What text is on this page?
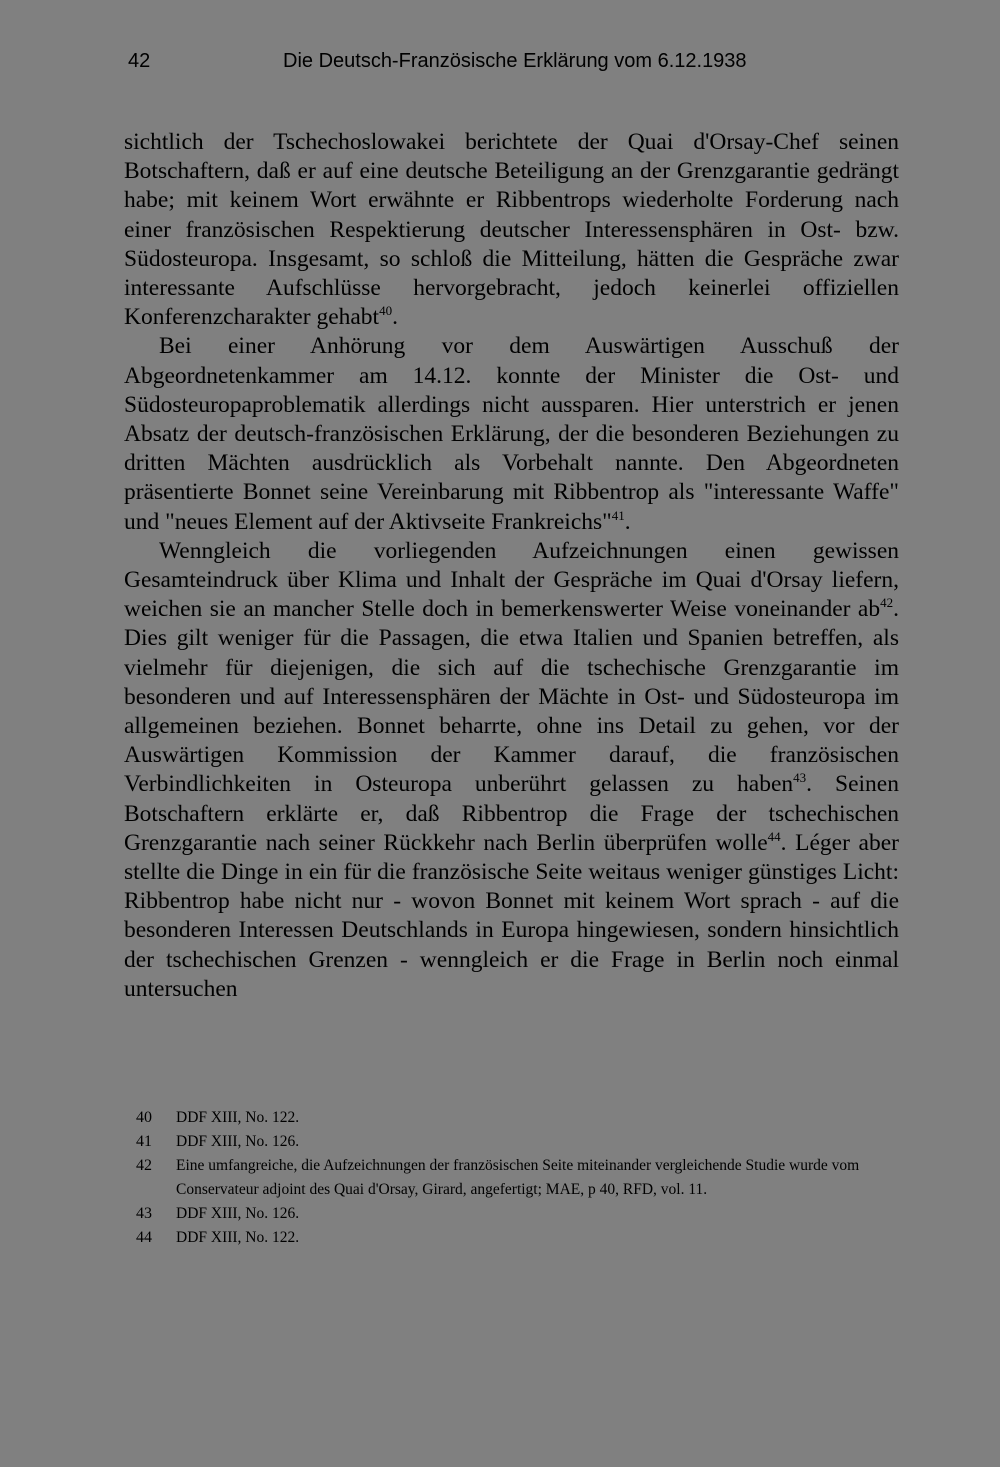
42	Die Deutsch-Französische Erklärung vom 6.12.1938

sichtlich der Tschechoslowakei berichtete der Quai d'Orsay-Chef seinen Botschaftern, daß er auf eine deutsche Beteiligung an der Grenzgarantie gedrängt habe; mit keinem Wort erwähnte er Ribbentrops wiederholte Forderung nach einer französischen Respektierung deutscher Interessensphären in Ost- bzw. Südosteuropa. Insgesamt, so schloß die Mitteilung, hätten die Gespräche zwar interessante Aufschlüsse hervorgebracht, jedoch keinerlei offiziellen Konferenzcharakter gehabt$^{40}$.

Bei einer Anhörung vor dem Auswärtigen Ausschuß der Abgeordnetenkammer am 14.12. konnte der Minister die Ost- und Südosteuropaproblematik allerdings nicht aussparen. Hier unterstrich er jenen Absatz der deutsch-französischen Erklärung, der die besonderen Beziehungen zu dritten Mächten ausdrücklich als Vorbehalt nannte. Den Abgeordneten präsentierte Bonnet seine Vereinbarung mit Ribbentrop als "interessante Waffe" und "neues Element auf der Aktivseite Frankreichs"$^{41}$.

Wenngleich die vorliegenden Aufzeichnungen einen gewissen Gesamteindruck über Klima und Inhalt der Gespräche im Quai d'Orsay liefern, weichen sie an mancher Stelle doch in bemerkenswerter Weise voneinander ab$^{42}$. Dies gilt weniger für die Passagen, die etwa Italien und Spanien betreffen, als vielmehr für diejenigen, die sich auf die tschechische Grenzgarantie im besonderen und auf Interessensphären der Mächte in Ost- und Südosteuropa im allgemeinen beziehen. Bonnet beharrte, ohne ins Detail zu gehen, vor der Auswärtigen Kommission der Kammer darauf, die französischen Verbindlichkeiten in Osteuropa unberührt gelassen zu haben$^{43}$. Seinen Botschaftern erklärte er, daß Ribbentrop die Frage der tschechischen Grenzgarantie nach seiner Rückkehr nach Berlin überprüfen wolle$^{44}$. Léger aber stellte die Dinge in ein für die französische Seite weitaus weniger günstiges Licht: Ribbentrop habe nicht nur - wovon Bonnet mit keinem Wort sprach - auf die besonderen Interessen Deutschlands in Europa hingewiesen, sondern hinsichtlich der tschechischen Grenzen - wenngleich er die Frage in Berlin noch einmal untersuchen

40	DDF XIII, No. 122.
41	DDF XIII, No. 126.
42	Eine umfangreiche, die Aufzeichnungen der französischen Seite miteinander vergleichende Studie wurde vom Conservateur adjoint des Quai d'Orsay, Girard, angefertigt; MAE, p 40, RFD, vol. 11.
43	DDF XIII, No. 126.
44	DDF XIII, No. 122.
